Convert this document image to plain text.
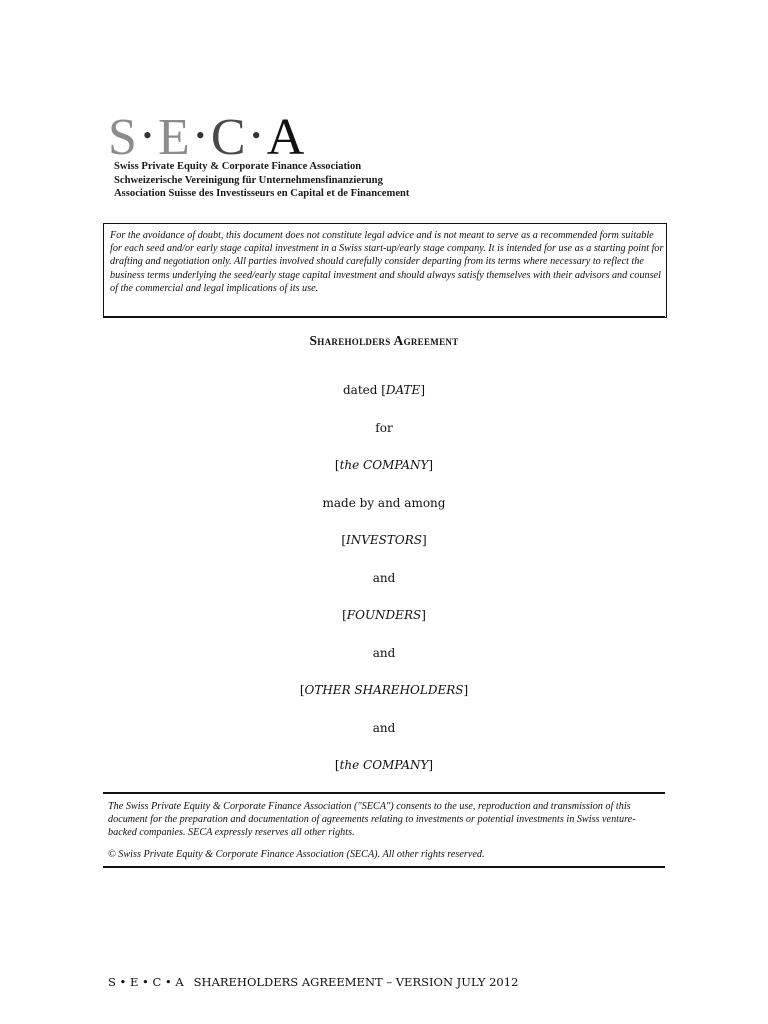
S • E • C • A
Swiss Private Equity & Corporate Finance Association
Schweizerische Vereinigung für Unternehmensfinanzierung
Association Suisse des Investisseurs en Capital et de Financement
For the avoidance of doubt, this document does not constitute legal advice and is not meant to serve as a recommended form suitable for each seed and/or early stage capital investment in a Swiss start-up/early stage company. It is intended for use as a starting point for drafting and negotiation only. All parties involved should carefully consider departing from its terms where necessary to reflect the business terms underlying the seed/early stage capital investment and should always satisfy themselves with their advisors and counsel of the commercial and legal implications of its use.
Shareholders Agreement
dated [DATE]
for
[the COMPANY]
made by and among
[INVESTORS]
and
[FOUNDERS]
and
[OTHER SHAREHOLDERS]
and
[the COMPANY]

The Swiss Private Equity & Corporate Finance Association ("SECA") consents to the use, reproduction and transmission of this document for the preparation and documentation of agreements relating to investments or potential investments in Swiss venture-backed companies. SECA expressly reserves all other rights.

© Swiss Private Equity & Corporate Finance Association (SECA). All other rights reserved.

S • E • C • A SHAREHOLDERS AGREEMENT – VERSION JULY 2012
